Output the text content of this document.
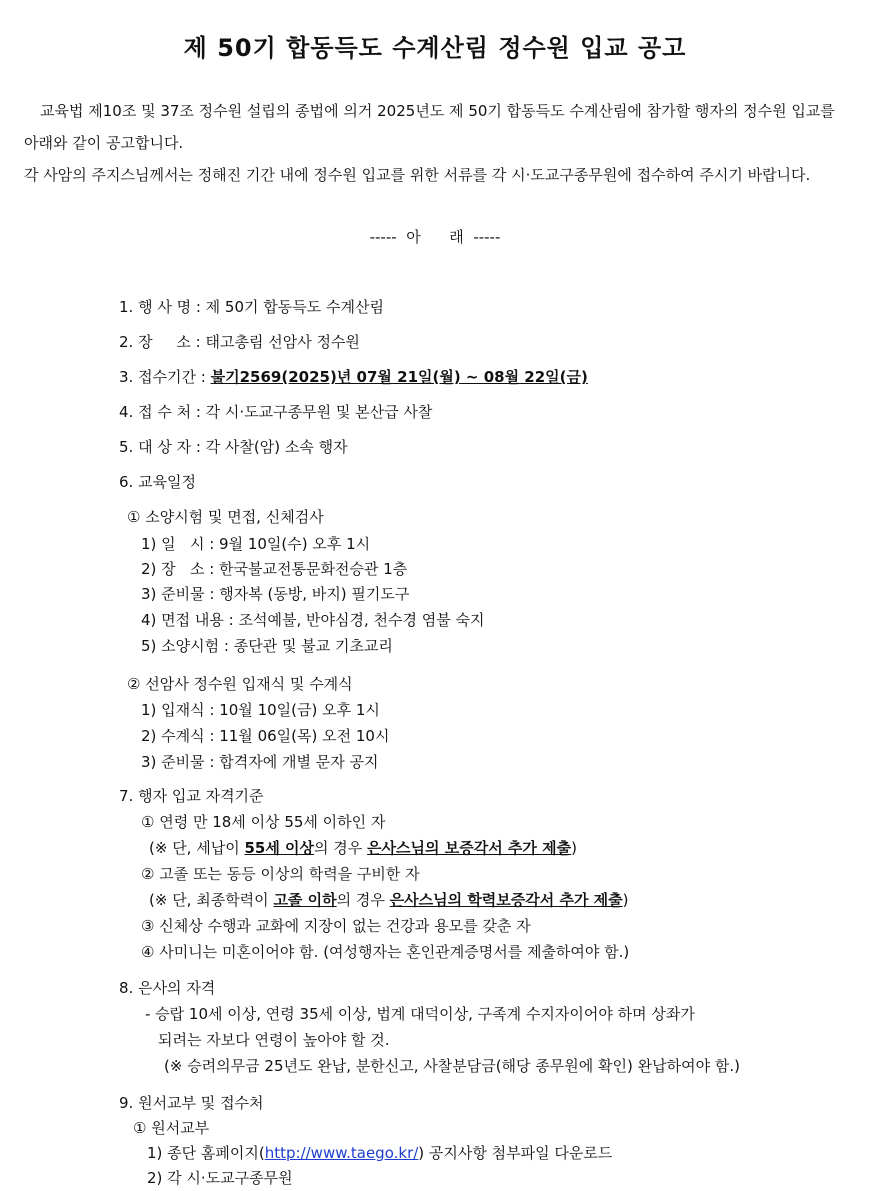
제 50기 합동득도 수계산림 정수원 입교 공고

교육법 제10조 및 37조 정수원 설립의 종법에 의거 2025년도 제 50기 합동득도 수계산림에 참가할 행자의 정수원 입교를 아래와 같이 공고합니다.

각 사암의 주지스님께서는 정해진 기간 내에 정수원 입교를 위한 서류를 각 시·도교구종무원에 접수하여 주시기 바랍니다.

-----  아      래  -----
1. 행 사 명 : 제 50기 합동득도 수계산림
2. 장     소 : 태고총림 선암사 정수원
3. 접수기간 : 불기2569(2025)년 07월 21일(월) ~ 08월 22일(금)
4. 접 수 처 : 각 시·도교구종무원 및 본산급 사찰
5. 대 상 자 : 각 사찰(암) 소속 행자
6. 교육일정
① 소양시험 및 면접, 신체검사
1) 일   시 : 9월 10일(수) 오후 1시
2) 장   소 : 한국불교전통문화전승관 1층
3) 준비물 : 행자복 (동방, 바지) 필기도구
4) 면접 내용 : 조석예불, 반야심경, 천수경 염불 숙지
5) 소양시험 : 종단관 및 불교 기초교리
② 선암사 정수원 입재식 및 수계식
1) 입재식 : 10월 10일(금) 오후 1시
2) 수계식 : 11월 06일(목) 오전 10시
3) 준비물 : 합격자에 개별 문자 공지
7. 행자 입교 자격기준
① 연령 만 18세 이상 55세 이하인 자
(※ 단, 세납이 55세 이상의 경우 은사스님의 보증각서 추가 제출)
② 고졸 또는 동등 이상의 학력을 구비한 자
(※ 단, 최종학력이 고졸 이하의 경우 은사스님의 학력보증각서 추가 제출)
③ 신체상 수행과 교화에 지장이 없는 건강과 용모를 갖춘 자
④ 사미니는 미혼이어야 함. (여성행자는 혼인관계증명서를 제출하여야 함.)
8. 은사의 자격
- 승랍 10세 이상, 연령 35세 이상, 법계 대덕이상, 구족계 수지자이어야 하며 상좌가
되려는 자보다 연령이 높아야 할 것.
(※ 승려의무금 25년도 완납, 분한신고, 사찰분담금(해당 종무원에 확인) 완납하여야 함.)
9. 원서교부 및 접수처
① 원서교부
1) 종단 홈페이지(http://www.taego.kr/) 공지사항 첨부파일 다운로드
2) 각 시·도교구종무원
